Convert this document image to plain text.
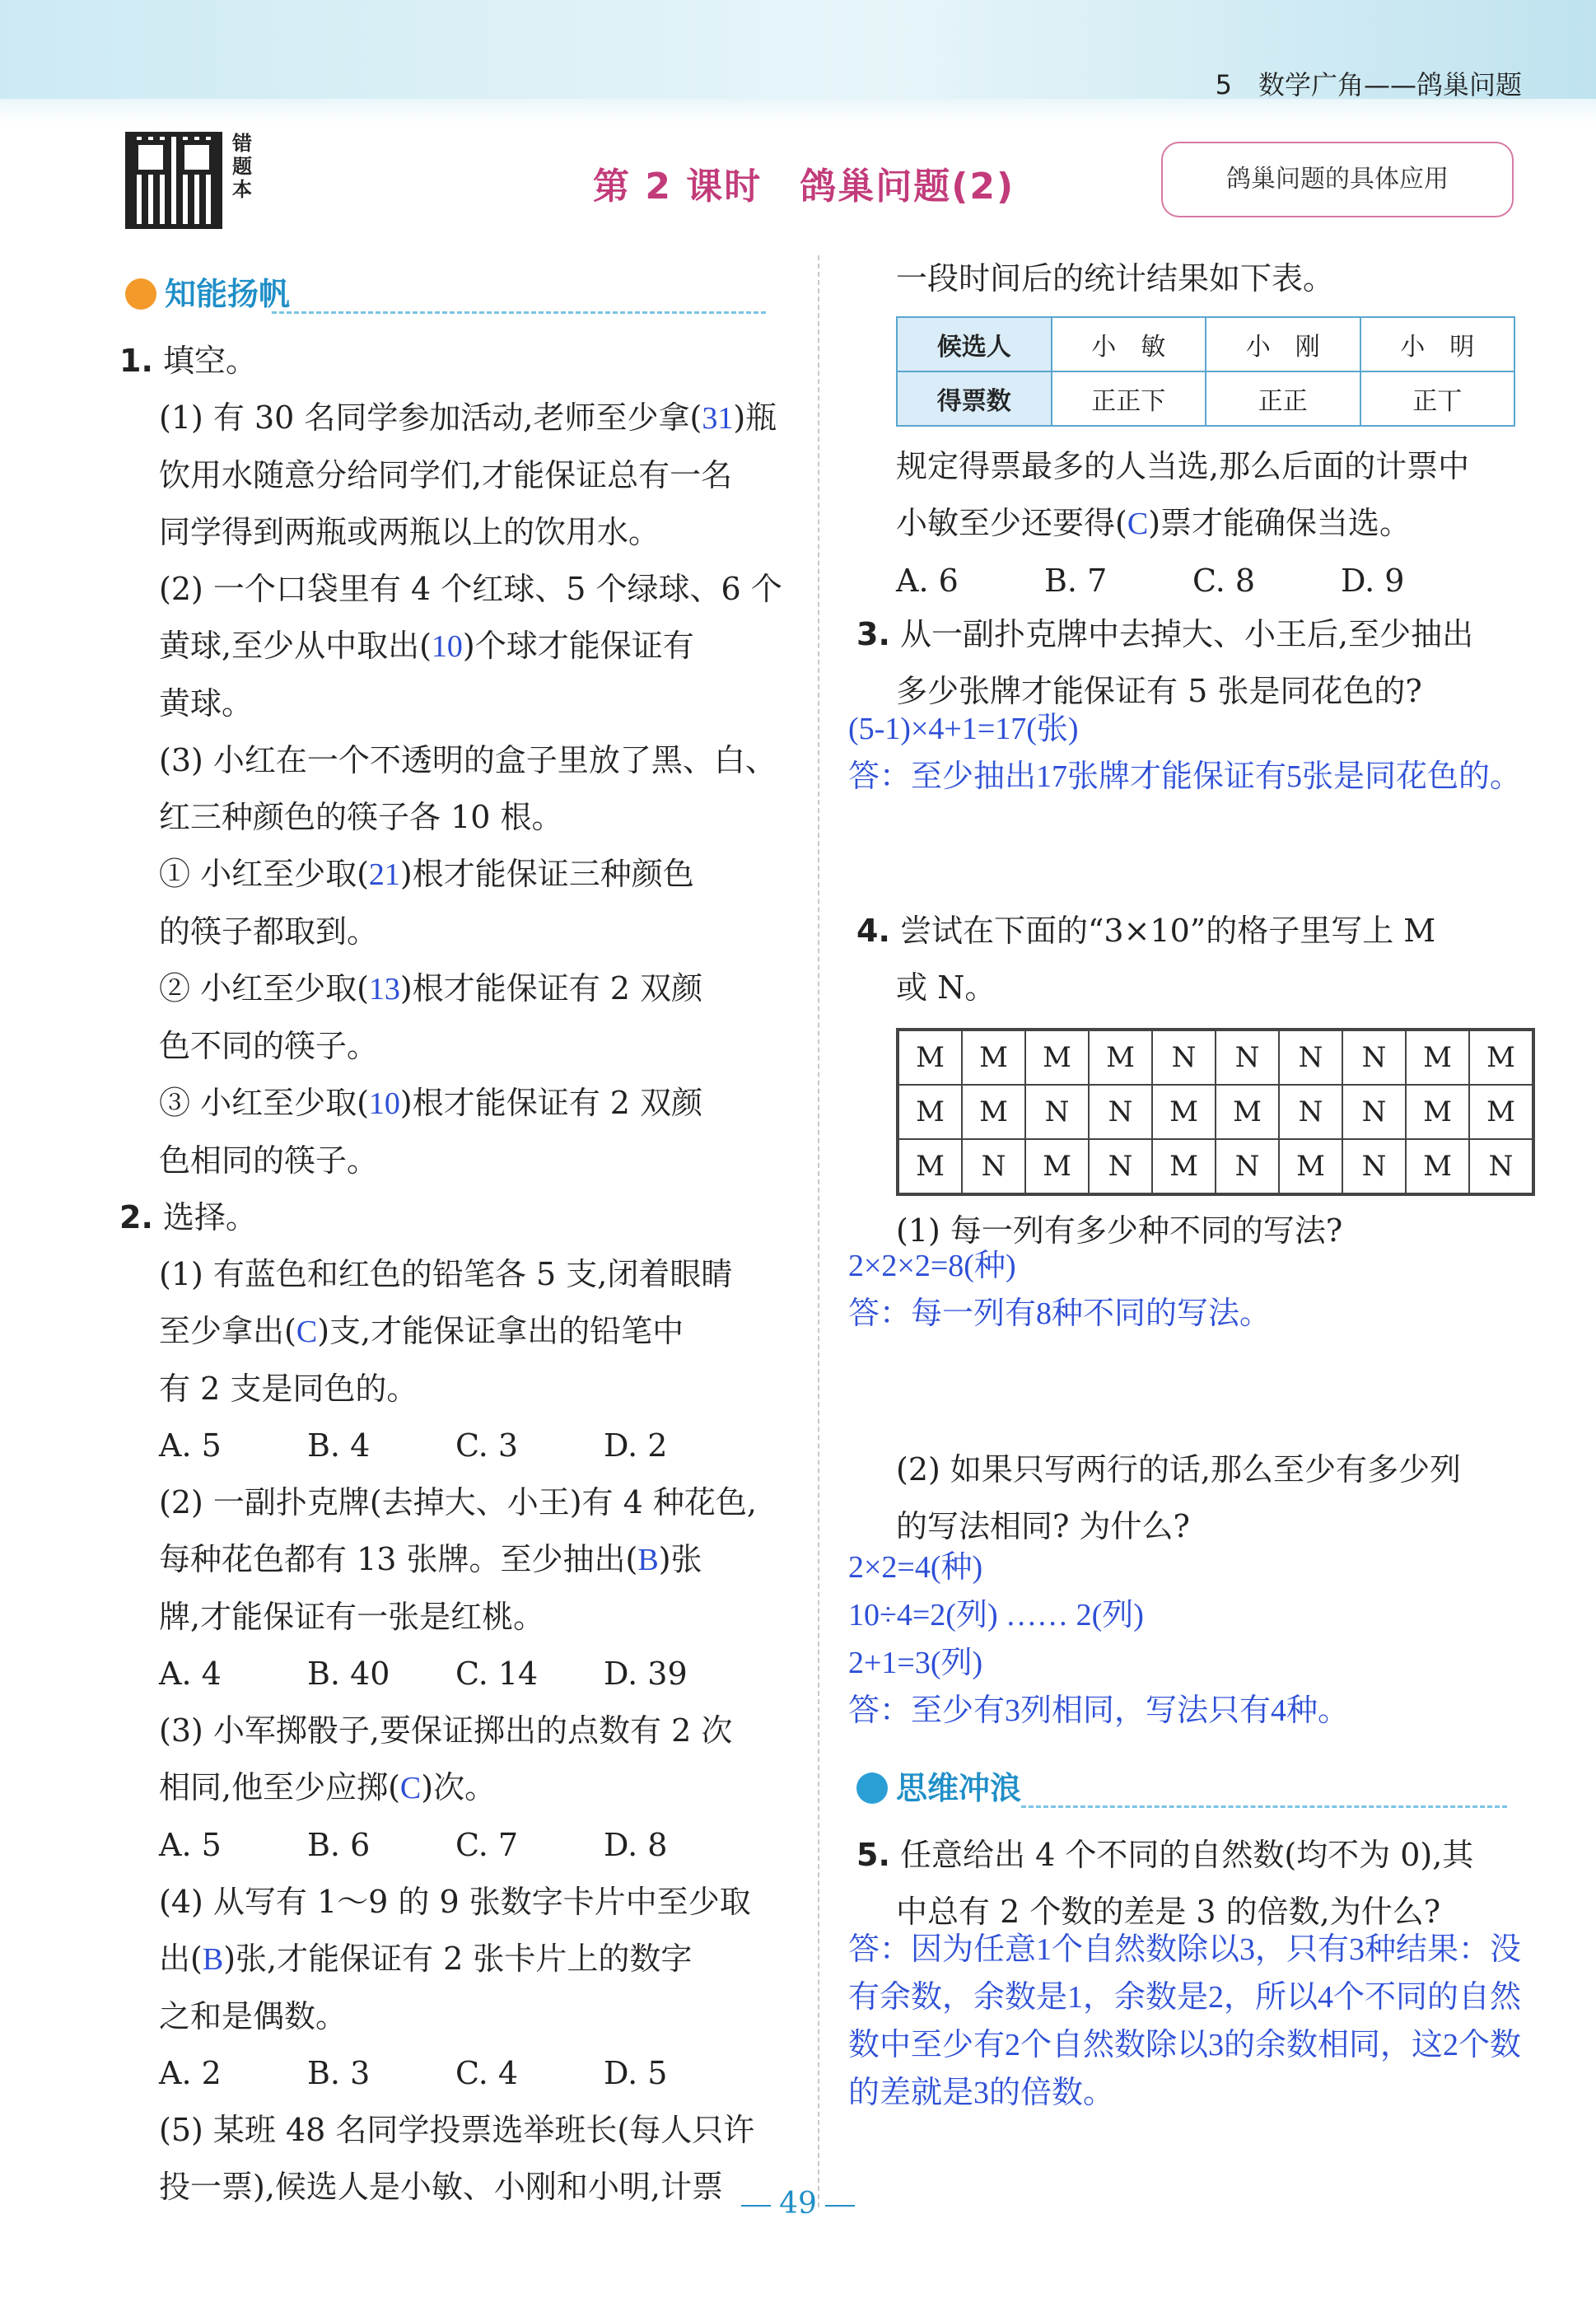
5　数学广角——鸽巢问题
错题本	第 2 课时　鸽巢问题(2)	鸽巢问题的具体应用
知能扬帆

1. 填空。

(1) 有 30 名同学参加活动,老师至少拿(31)瓶

饮用水随意分给同学们,才能保证总有一名

同学得到两瓶或两瓶以上的饮用水。

(2) 一个口袋里有 4 个红球、5 个绿球、6 个

黄球,至少从中取出(10)个球才能保证有

黄球。

(3) 小红在一个不透明的盒子里放了黑、白、

红三种颜色的筷子各 10 根。

① 小红至少取(21)根才能保证三种颜色

的筷子都取到。

② 小红至少取(13)根才能保证有 2 双颜

色不同的筷子。

③ 小红至少取(10)根才能保证有 2 双颜

色相同的筷子。

2. 选择。

(1) 有蓝色和红色的铅笔各 5 支,闭着眼睛

至少拿出(C)支,才能保证拿出的铅笔中

有 2 支是同色的。

A. 5	B. 4	C. 3	D. 2

(2) 一副扑克牌(去掉大、小王)有 4 种花色,

每种花色都有 13 张牌。至少抽出(B)张

牌,才能保证有一张是红桃。

A. 4	B. 40 C. 14 D. 39

(3) 小军掷骰子,要保证掷出的点数有 2 次

相同,他至少应掷(C)次。

A. 5	B. 6	C. 7	D. 8

(4) 从写有 1～9 的 9 张数字卡片中至少取

出(B)张,才能保证有 2 张卡片上的数字

之和是偶数。

A. 2	B. 3	C. 4	D. 5

(5) 某班 48 名同学投票选举班长(每人只许

投一票),候选人是小敏、小刚和小明,计票

一段时间后的统计结果如下表。

候选人	小　敏	小　刚	小　明
得票数	正正下	正正	正丅

规定得票最多的人当选,那么后面的计票中

小敏至少还要得(C)票才能确保当选。

A. 6	B. 7	C. 8	D. 9

3. 从一副扑克牌中去掉大、小王后,至少抽出

多少张牌才能保证有 5 张是同花色的?

(5-1)×4+1=17(张)

答：至少抽出17张牌才能保证有5张是同花色的。

4. 尝试在下面的“3×10”的格子里写上 M

或 N。

M	M	M	M	N	N	N	N	M	M
M	M	N	N	M	M	N	N	M	M
M	N	M	N	M	N	M	N	M	N

(1) 每一列有多少种不同的写法?

2×2×2=8(种)

答：每一列有8种不同的写法。

(2) 如果只写两行的话,那么至少有多少列

的写法相同? 为什么?

2×2=4(种)

10÷4=2(列) …… 2(列)

2+1=3(列)

答：至少有3列相同，写法只有4种。

思维冲浪

5. 任意给出 4 个不同的自然数(均不为 0),其

中总有 2 个数的差是 3 的倍数,为什么?

答：因为任意1个自然数除以3，只有3种结果：没

有余数，余数是1，余数是2，所以4个不同的自然

数中至少有2个自然数除以3的余数相同，这2个数

的差就是3的倍数。

49
